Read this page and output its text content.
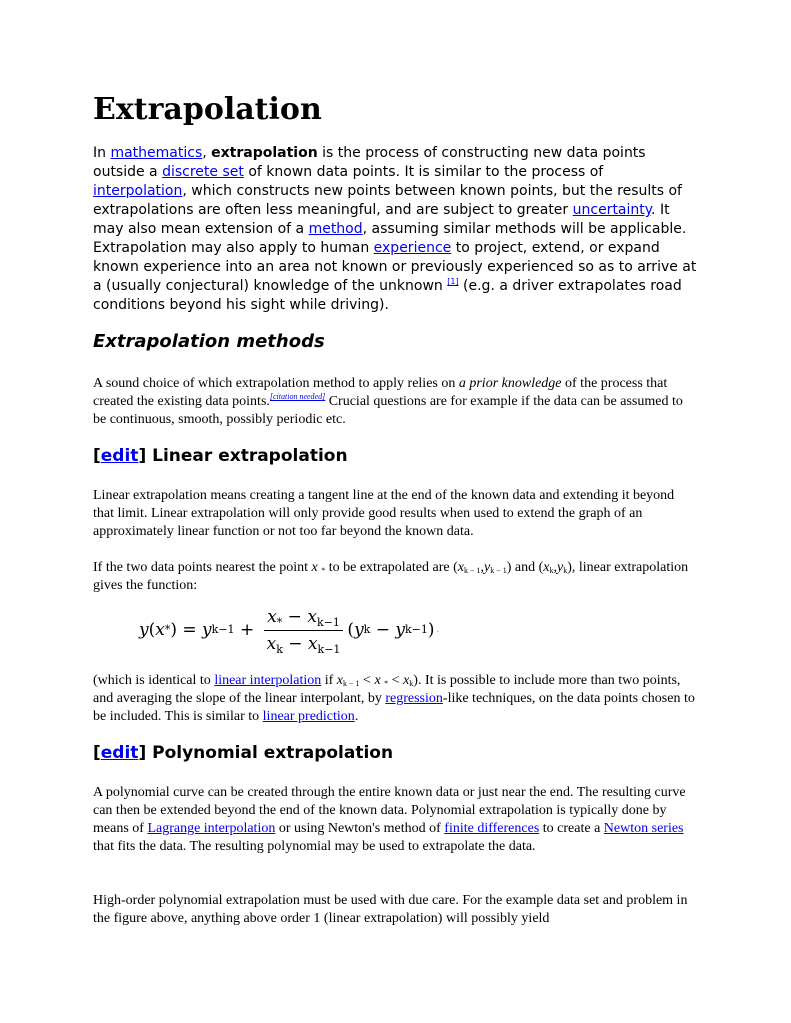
Extrapolation

In mathematics, extrapolation is the process of constructing new data points outside a discrete set of known data points. It is similar to the process of interpolation, which constructs new points between known points, but the results of extrapolations are often less meaningful, and are subject to greater uncertainty. It may also mean extension of a method, assuming similar methods will be applicable. Extrapolation may also apply to human experience to project, extend, or expand known experience into an area not known or previously experienced so as to arrive at a (usually conjectural) knowledge of the unknown [1] (e.g. a driver extrapolates road conditions beyond his sight while driving).

Extrapolation methods

A sound choice of which extrapolation method to apply relies on a prior knowledge of the process that created the existing data points.[citation needed] Crucial questions are for example if the data can be assumed to be continuous, smooth, possibly periodic etc.

[edit] Linear extrapolation

Linear extrapolation means creating a tangent line at the end of the known data and extending it beyond that limit. Linear extrapolation will only provide good results when used to extend the graph of an approximately linear function or not too far beyond the known data.

If the two data points nearest the point x $_*$ to be extrapolated are $(x_{k - 1},y_{k - 1})$ and $(x_k,y_k)$, linear extrapolation gives the function:

y ( x * ) = y $k-1 + \frac{x_* - x_{k-1}}{x_k - x_{k-1}}$ ( y k − y k−1 ) .

(which is identical to linear interpolation if $x_{k - 1} < x$ $_* < x_k$). It is possible to include more than two points, and averaging the slope of the linear interpolant, by regression-like techniques, on the data points chosen to be included. This is similar to linear prediction.

[edit] Polynomial extrapolation

A polynomial curve can be created through the entire known data or just near the end. The resulting curve can then be extended beyond the end of the known data. Polynomial extrapolation is typically done by means of Lagrange interpolation or using Newton's method of finite differences to create a Newton series that fits the data. The resulting polynomial may be used to extrapolate the data.

High-order polynomial extrapolation must be used with due care. For the example data set and problem in the figure above, anything above order 1 (linear extrapolation) will possibly yield
